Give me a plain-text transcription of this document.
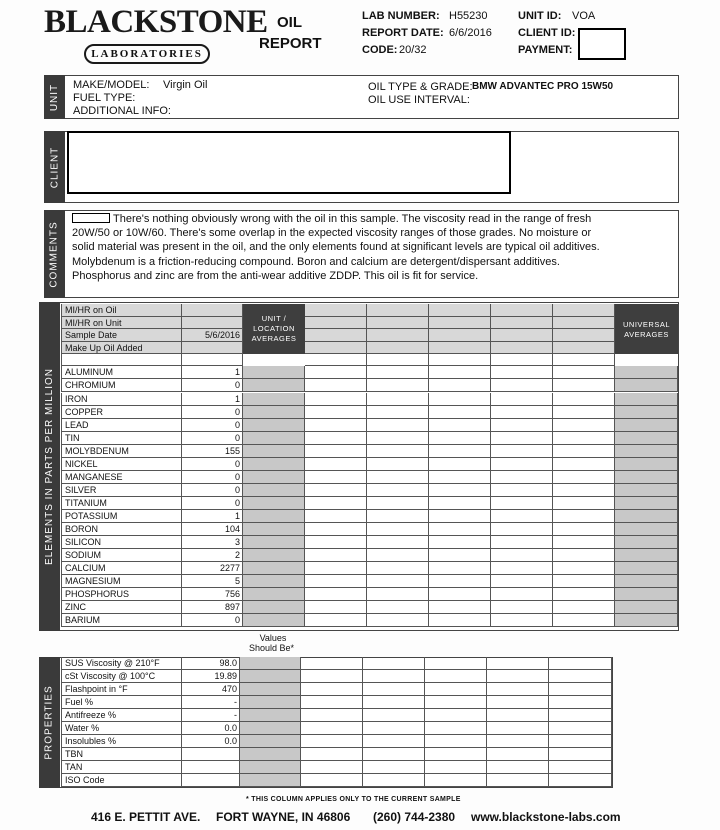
BLACKSTONE
LABORATORIES
OIL
REPORT
LAB NUMBER: H55230
REPORT DATE: 6/6/2016
CODE: 20/32
UNIT ID: VOA
CLIENT ID:
PAYMENT:
UNIT MAKE/MODEL: Virgin Oil
FUEL TYPE:
ADDITIONAL INFO:
OIL TYPE & GRADE: BMW ADVANTEC PRO 15W50
OIL USE INTERVAL:
CLIENT
COMMENTS
There's nothing obviously wrong with the oil in this sample. The viscosity read in the range of fresh 20W/50 or 10W/60. There's some overlap in the expected viscosity ranges of those grades. No moisture or solid material was present in the oil, and the only elements found at significant levels are typical oil additives. Molybdenum is a friction-reducing compound. Boron and calcium are detergent/dispersant additives. Phosphorus and zinc are from the anti-wear additive ZDDP. This oil is fit for service.
ELEMENTS IN PARTS PER MILLION
MI/HR on Oil
MI/HR on Unit
Sample Date	5/6/2016
Make Up Oil Added
UNIT /
LOCATION
AVERAGES
UNIVERSAL
AVERAGES
ALUMINUM	1
CHROMIUM	0
IRON	1
COPPER	0
LEAD	0
TIN	0
MOLYBDENUM	155
NICKEL	0
MANGANESE	0
SILVER	0
TITANIUM	0
POTASSIUM	1
BORON	104
SILICON	3
SODIUM	2
CALCIUM	2277
MAGNESIUM	5
PHOSPHORUS	756
ZINC	897
BARIUM	0
Values
Should Be*
PROPERTIES
SUS Viscosity @ 210°F	98.0
cSt Viscosity @ 100°C	19.89
Flashpoint in °F	470
Fuel %	-
Antifreeze %	-
Water %	0.0
Insolubles %	0.0
TBN
TAN
ISO Code
* THIS COLUMN APPLIES ONLY TO THE CURRENT SAMPLE
416 E. PETTIT AVE. FORT WAYNE, IN 46806 (260) 744-2380 www.blackstone-labs.com
